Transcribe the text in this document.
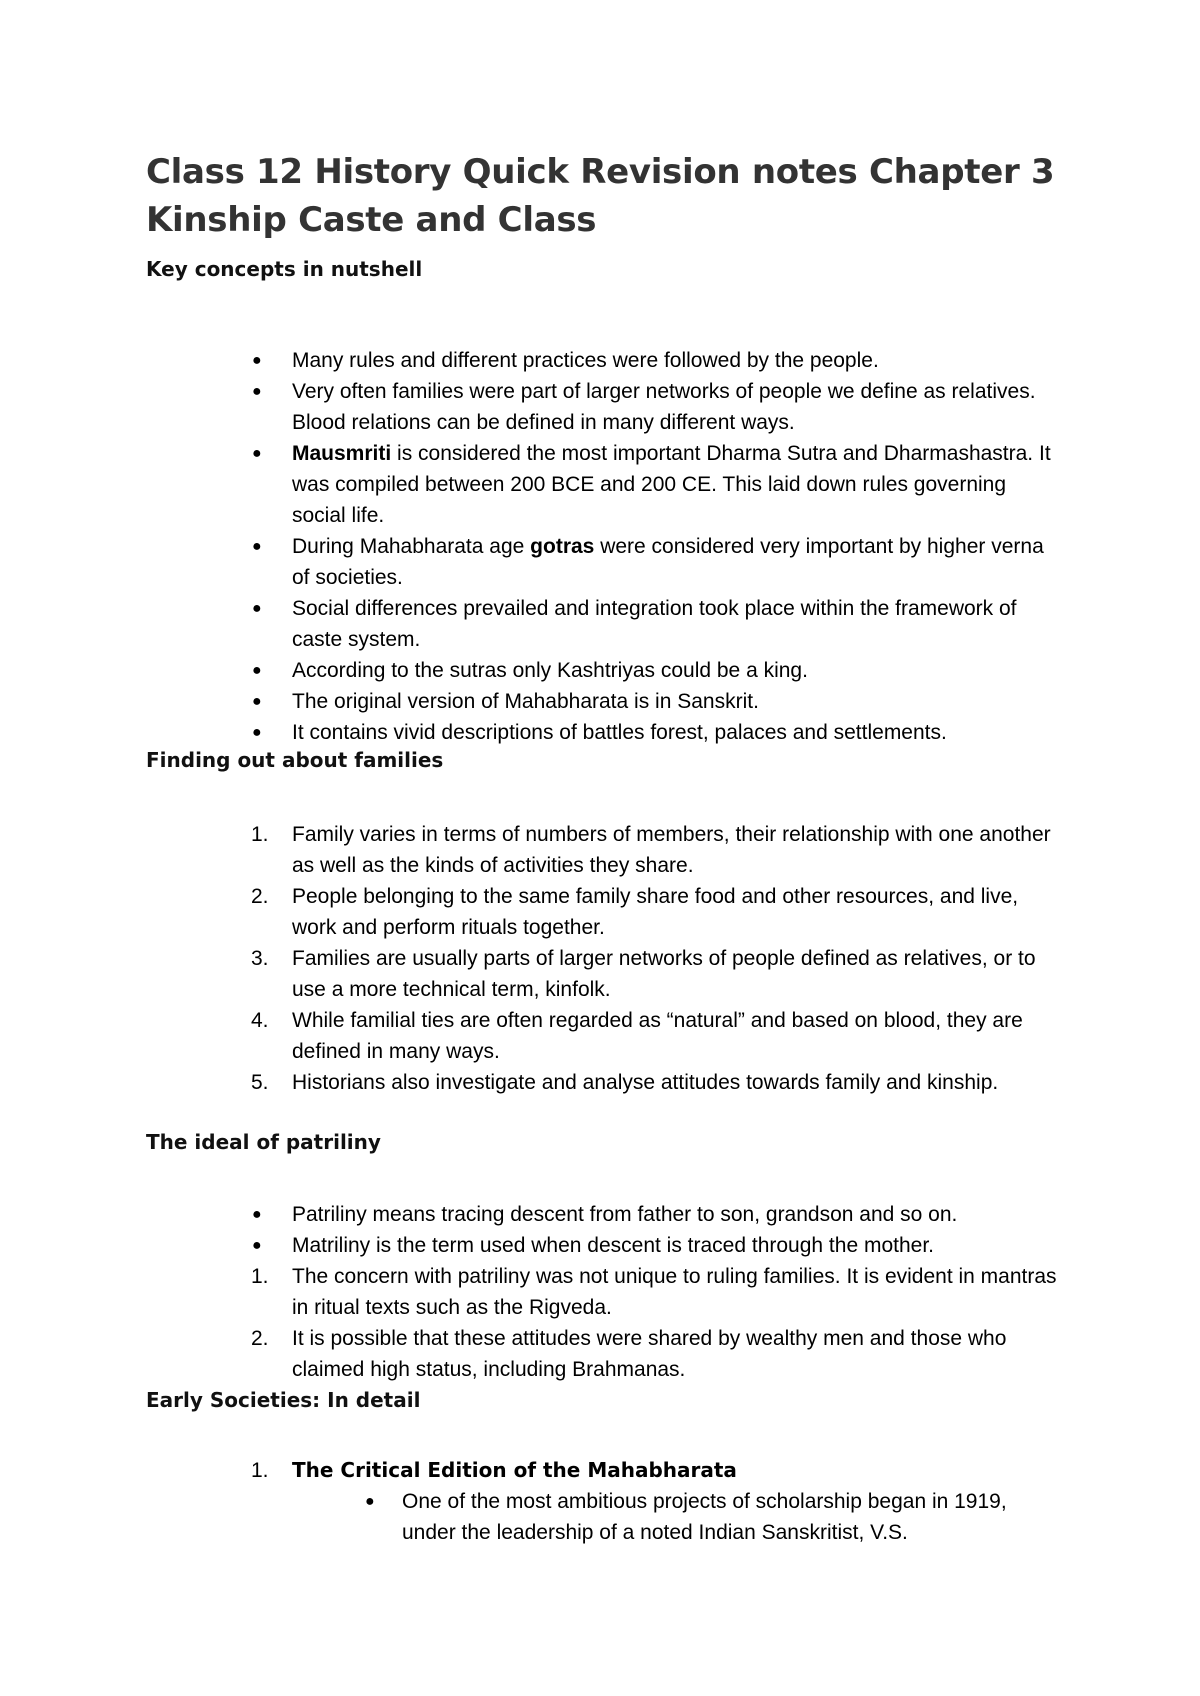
Class 12 History Quick Revision notes Chapter 3
Kinship Caste and Class
Key concepts in nutshell
●	Many rules and different practices were followed by the people.
●	Very often families were part of larger networks of people we define as relatives. Blood relations can be defined in many different ways.
●	Mausmriti is considered the most important Dharma Sutra and Dharmashastra. It was compiled between 200 BCE and 200 CE. This laid down rules governing social life.
●	During Mahabharata age gotras were considered very important by higher verna of societies.
●	Social differences prevailed and integration took place within the framework of caste system.
●	According to the sutras only Kashtriyas could be a king.
●	The original version of Mahabharata is in Sanskrit.
●	It contains vivid descriptions of battles forest, palaces and settlements.
Finding out about families
1.	Family varies in terms of numbers of members, their relationship with one another as well as the kinds of activities they share.
2.	People belonging to the same family share food and other resources, and live, work and perform rituals together.
3.	Families are usually parts of larger networks of people defined as relatives, or to use a more technical term, kinfolk.
4.	While familial ties are often regarded as “natural” and based on blood, they are defined in many ways.
5.	Historians also investigate and analyse attitudes towards family and kinship.
The ideal of patriliny
●	Patriliny means tracing descent from father to son, grandson and so on.
●	Matriliny is the term used when descent is traced through the mother.
1.	The concern with patriliny was not unique to ruling families. It is evident in mantras in ritual texts such as the Rigveda.
2.	It is possible that these attitudes were shared by wealthy men and those who claimed high status, including Brahmanas.
Early Societies: In detail
1.	The Critical Edition of the Mahabharata
●	One of the most ambitious projects of scholarship began in 1919, under the leadership of a noted Indian Sanskritist, V.S.
